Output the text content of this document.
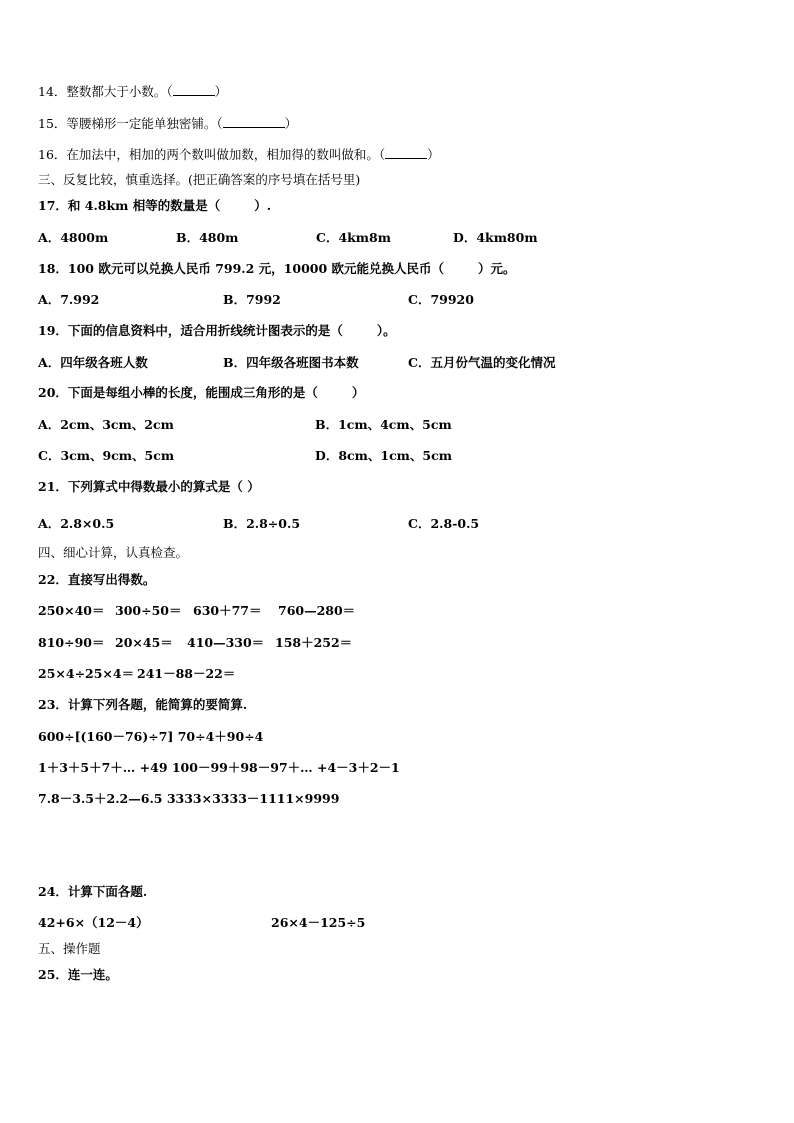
14．整数都大于小数。（	）
15．等腰梯形一定能单独密铺。（	）
16．在加法中，相加的两个数叫做加数，相加得的数叫做和。（	）
三、反复比较，慎重选择。(把正确答案的序号填在括号里)
17．和 4.8km 相等的数量是（	）.
A．4800m	B．480m	C．4km8m	D．4km80m
18．100 欧元可以兑换人民币 799.2 元，10000 欧元能兑换人民币（	）元。
A．7.992	B．7992	C．79920
19．下面的信息资料中，适合用折线统计图表示的是（	）。
A．四年级各班人数	B．四年级各班图书本数	C．五月份气温的变化情况
20．下面是每组小棒的长度，能围成三角形的是（	）
A．2cm、3cm、2cm	B．1cm、4cm、5cm
C．3cm、9cm、5cm	D．8cm、1cm、5cm
21．下列算式中得数最小的算式是（ ）
A．2.8×0.5	B．2.8÷0.5	C．2.8-0.5
四、细心计算，认真检查。
22．直接写出得数。
250×40＝ 300÷50＝ 630＋77＝ 760—280＝
810÷90＝ 20×45＝ 410—330＝ 158＋252＝
25×4÷25×4＝ 241－88－22＝
23．计算下列各题，能简算的要简算.
600÷[(160－76)÷7] 70÷4＋90÷4
1＋3＋5＋7＋… +49 100－99＋98－97＋… +4－3＋2－1
7.8－3.5＋2.2—6.5 3333×3333－1111×9999
24．计算下面各题.
42+6×（12－4）	26×4－125÷5
五、操作题
25．连一连。
